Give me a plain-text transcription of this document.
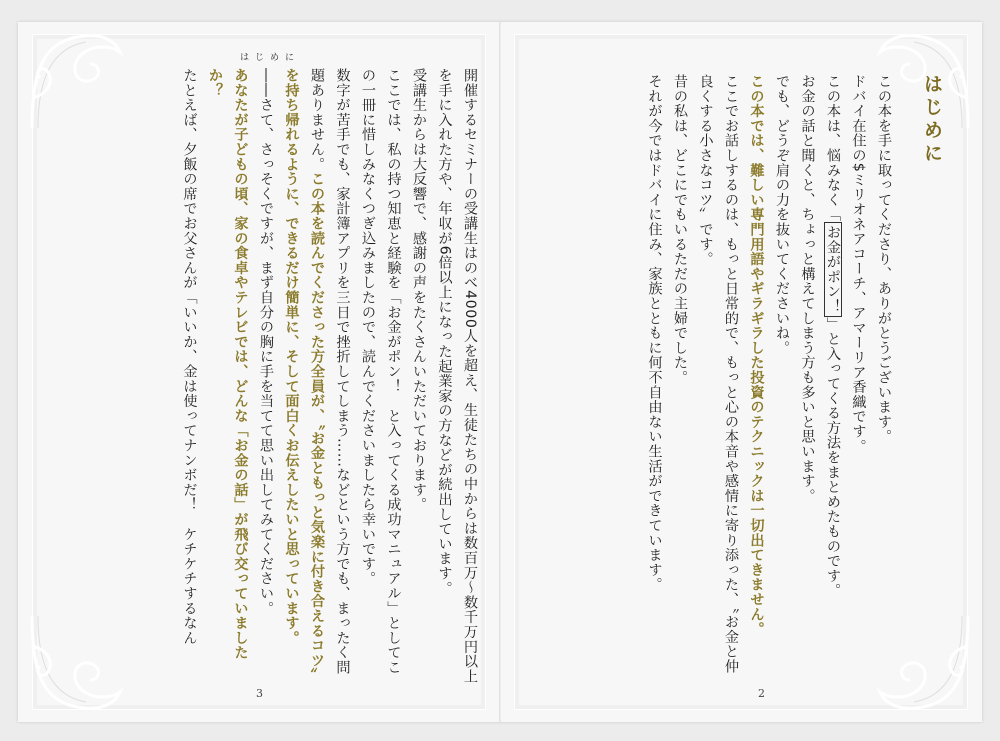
はじめに
開催するセミナーの受講生はのべ4000人を超え、生徒たちの中からは数百万〜数千万円以上を手に入れた方や、年収が6倍以上になった起業家の方などが続出しています。
受講生からは大反響で、感謝の声をたくさんいただいております。
ここでは、私の持つ知恵と経験を「お金がポン！　と入ってくる成功マニュアル」としてこの一冊に惜しみなくつぎ込みましたので、読んでくださいましたら幸いです。
数字が苦手でも、家計簿アプリを三日で挫折してしまう……などという方でも、まったく問題ありません。この本を読んでくださった方全員が、〝お金ともっと気楽に付き合えるコツ〟を持ち帰れるように、できるだけ簡単に、そして面白くお伝えしたいと思っています。
――さて、さっそくですが、まず自分の胸に手を当てて思い出してみてください。
あなたが子どもの頃、家の食卓やテレビでは、どんな「お金の話」が飛び交っていましたか？
たとえば、夕飯の席でお父さんが「いいか、金は使ってナンボだ！　ケチケチするなん
3
はじめに
この本を手に取ってくださり、ありがとうございます。
ドバイ在住の$ミリオネアコーチ、アマーリア香織です。
この本は、悩みなく「お金がポン！」と入ってくる方法をまとめたものです。
お金の話と聞くと、ちょっと構えてしまう方も多いと思います。
でも、どうぞ肩の力を抜いてくださいね。
この本では、難しい専門用語やギラギラした投資のテクニックは一切出てきません。
ここでお話しするのは、もっと日常的で、もっと心の本音や感情に寄り添った、〝お金と仲良くする小さなコツ〟です。
昔の私は、どこにでもいるただの主婦でした。
それが今ではドバイに住み、家族とともに何不自由ない生活ができています。
2
